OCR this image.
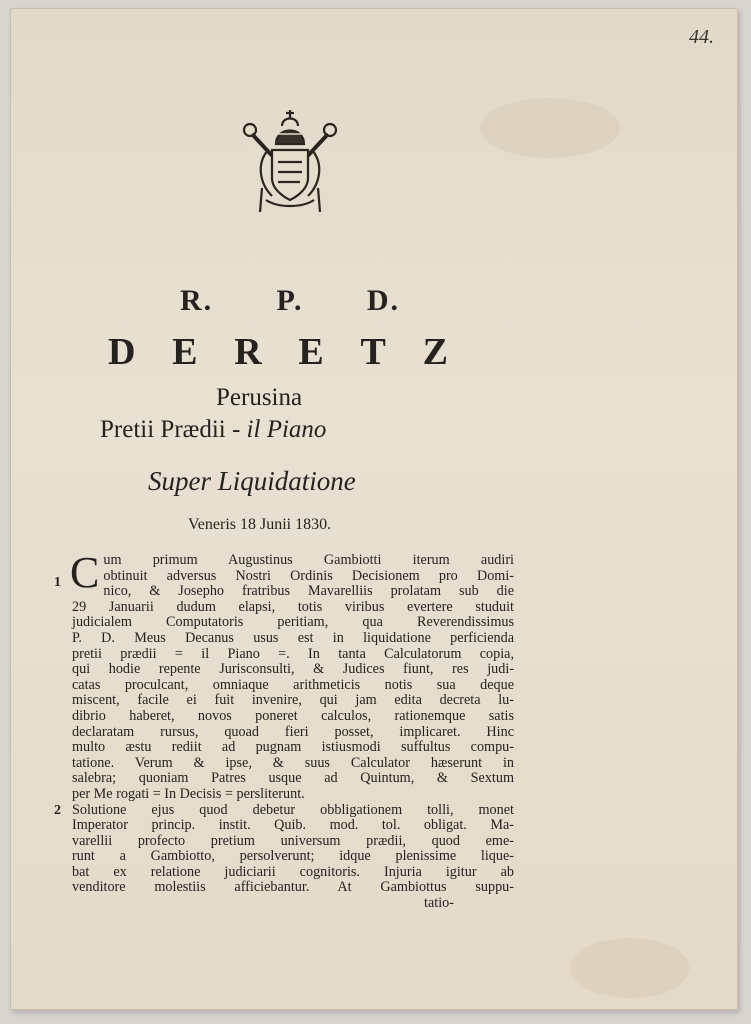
44.
R. P. D.
D E R E T Z
Perusina
Pretii Prædii - il Piano
Super Liquidatione
Veneris 18 Junii 1830.
1 C um primum Augustinus Gambiotti iterum audiri
obtinuit adversus Nostri Ordinis Decisionem pro Domi-
nico, & Josepho fratribus Mavarelliis prolatam sub die
29 Januarii dudum elapsi, totis viribus evertere studuit
judicialem Computatoris peritiam, qua Reverendissimus
P. D. Meus Decanus usus est in liquidatione perficienda
pretii prædii = il Piano =. In tanta Calculatorum copia,
qui hodie repente Jurisconsulti, & Judices fiunt, res judi-
catas proculcant, omniaque arithmeticis notis sua deque
miscent, facile ei fuit invenire, qui jam edita decreta lu-
dibrio haberet, novos poneret calculos, rationemque satis
declaratam rursus, quoad fieri posset, implicaret. Hinc
multo æstu rediit ad pugnam istiusmodi suffultus compu-
tatione. Verum & ipse, & suus Calculator hæserunt in
salebra; quoniam Patres usque ad Quintum, & Sextum
per Me rogati = In Decisis = persliterunt.
2 Solutione ejus quod debetur obbligationem tolli, monet
Imperator princip. instit. Quib. mod. tol. obligat. Ma-
varellii profecto pretium universum prædii, quod eme-
runt a Gambiotto, persolverunt; idque plenissime lique-
bat ex relatione judiciarii cognitoris. Injuria igitur ab
venditore molestiis afficiebantur. At Gambiottus suppu-
tatio-
